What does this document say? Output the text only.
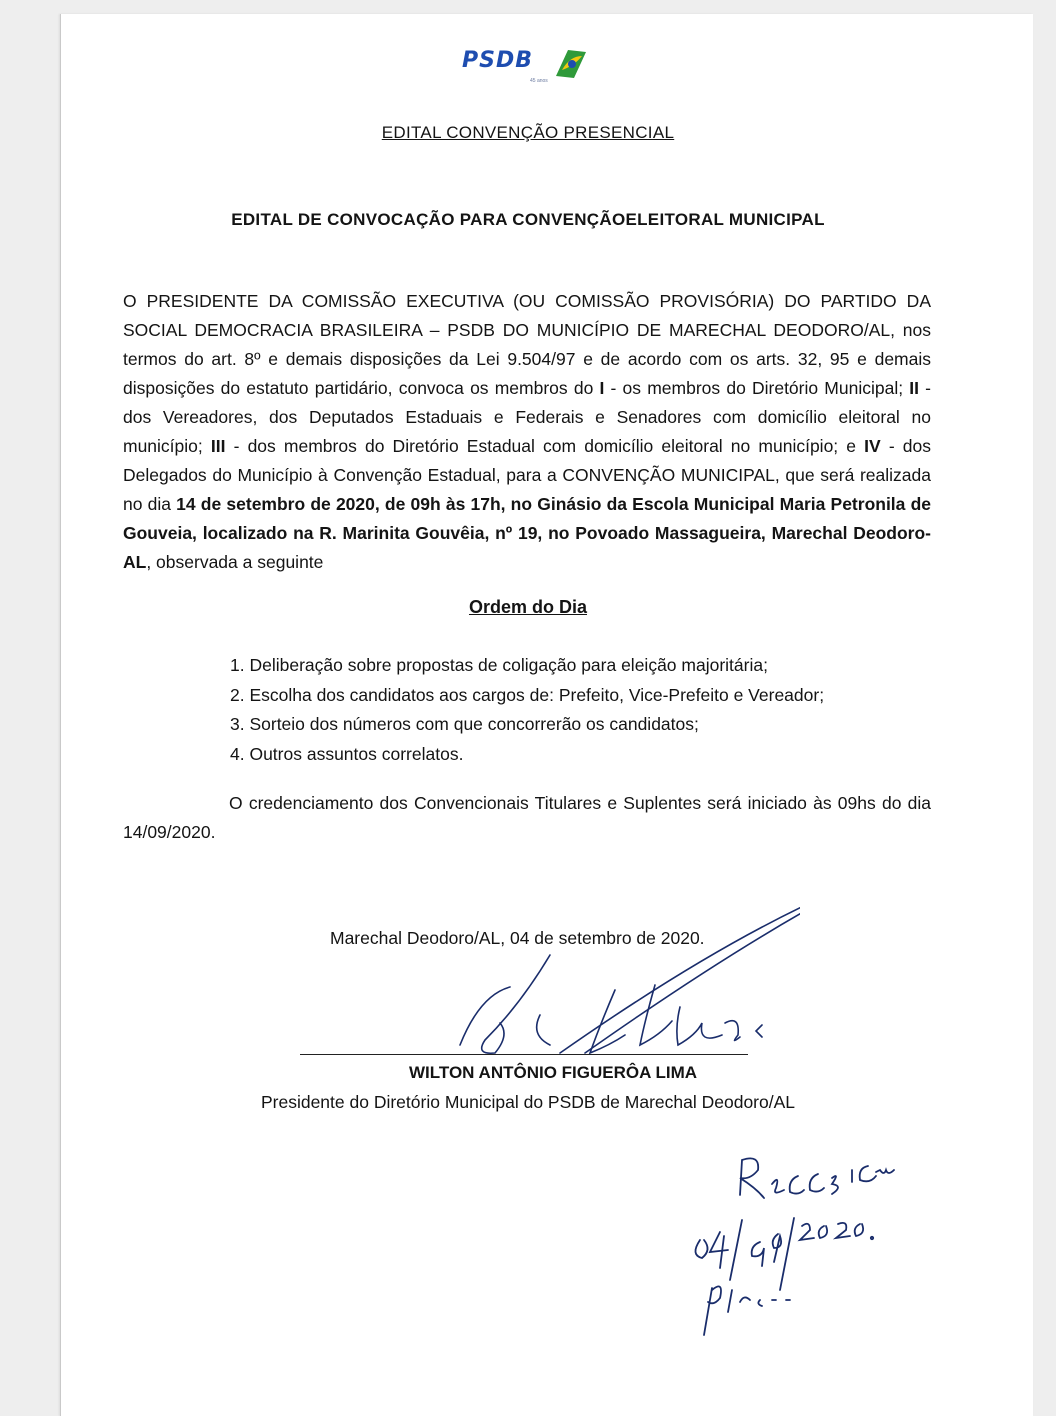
PSDB
45 anos
EDITAL CONVENÇÃO PRESENCIAL
EDITAL DE CONVOCAÇÃO PARA CONVENÇÃOELEITORAL MUNICIPAL
O PRESIDENTE DA COMISSÃO EXECUTIVA (OU COMISSÃO PROVISÓRIA) DO PARTIDO DA SOCIAL DEMOCRACIA BRASILEIRA – PSDB DO MUNICÍPIO DE MARECHAL DEODORO/AL, nos termos do art. 8º e demais disposições da Lei 9.504/97 e de acordo com os arts. 32, 95 e demais disposições do estatuto partidário, convoca os membros do I - os membros do Diretório Municipal; II -dos Vereadores, dos Deputados Estaduais e Federais e Senadores com domicílio eleitoral no município; III - dos membros do Diretório Estadual com domicílio eleitoral no município; e IV - dos Delegados do Município à Convenção Estadual, para a CONVENÇÃO MUNICIPAL, que será realizada no dia 14 de setembro de 2020, de 09h às 17h, no Ginásio da Escola Municipal Maria Petronila de Gouveia, localizado na R. Marinita Gouvêia, nº 19, no Povoado Massagueira, Marechal Deodoro-AL, observada a seguinte
Ordem do Dia
1. Deliberação sobre propostas de coligação para eleição majoritária;
2. Escolha dos candidatos aos cargos de: Prefeito, Vice-Prefeito e Vereador;
3. Sorteio dos números com que concorrerão os candidatos;
4. Outros assuntos correlatos.
O credenciamento dos Convencionais Titulares e Suplentes será iniciado às 09hs do dia 14/09/2020.
Marechal Deodoro/AL, 04 de setembro de 2020.
WILTON ANTÔNIO FIGUERÔA LIMA
Presidente do Diretório Municipal do PSDB de Marechal Deodoro/AL
